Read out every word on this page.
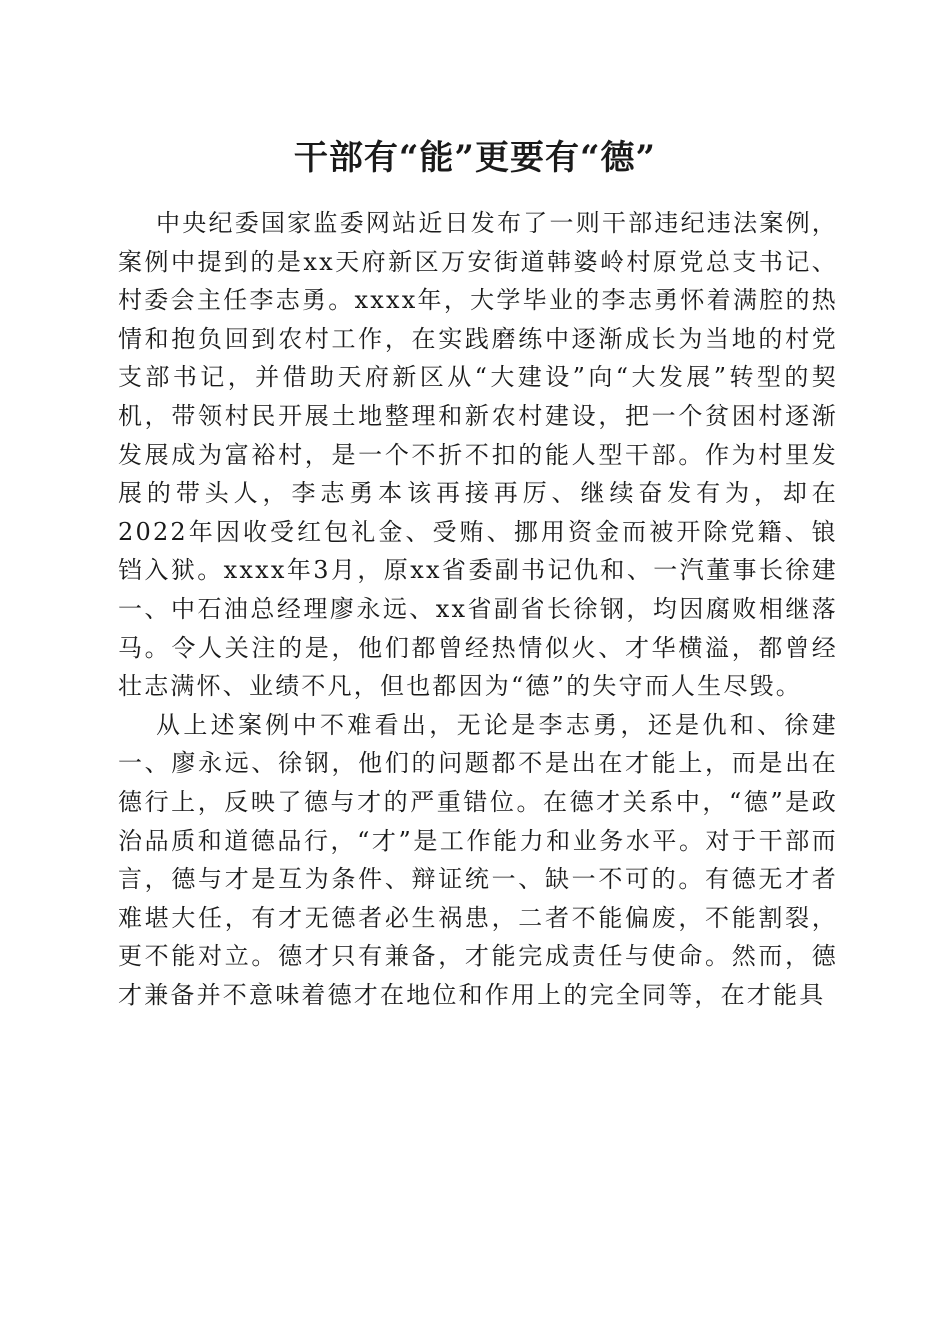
干部有“能”更要有“德”

中央纪委国家监委网站近日发布了一则干部违纪违法案例，案例中提到的是xx天府新区万安街道韩婆岭村原党总支书记、村委会主任李志勇。xxxx年，大学毕业的李志勇怀着满腔的热情和抱负回到农村工作，在实践磨练中逐渐成长为当地的村党支部书记，并借助天府新区从“大建设”向“大发展”转型的契机，带领村民开展土地整理和新农村建设，把一个贫困村逐渐发展成为富裕村，是一个不折不扣的能人型干部。作为村里发展的带头人，李志勇本该再接再厉、继续奋发有为，却在2022年因收受红包礼金、受贿、挪用资金而被开除党籍、锒铛入狱。xxxx年3月，原xx省委副书记仇和、一汽董事长徐建一、中石油总经理廖永远、xx省副省长徐钢，均因腐败相继落马。令人关注的是，他们都曾经热情似火、才华横溢，都曾经壮志满怀、业绩不凡，但也都因为“德”的失守而人生尽毁。

从上述案例中不难看出，无论是李志勇，还是仇和、徐建一、廖永远、徐钢，他们的问题都不是出在才能上，而是出在德行上，反映了德与才的严重错位。在德才关系中，“德”是政治品质和道德品行，“才”是工作能力和业务水平。对于干部而言，德与才是互为条件、辩证统一、缺一不可的。有德无才者难堪大任，有才无德者必生祸患，二者不能偏废，不能割裂，更不能对立。德才只有兼备，才能完成责任与使命。然而，德才兼备并不意味着德才在地位和作用上的完全同等，在才能具
